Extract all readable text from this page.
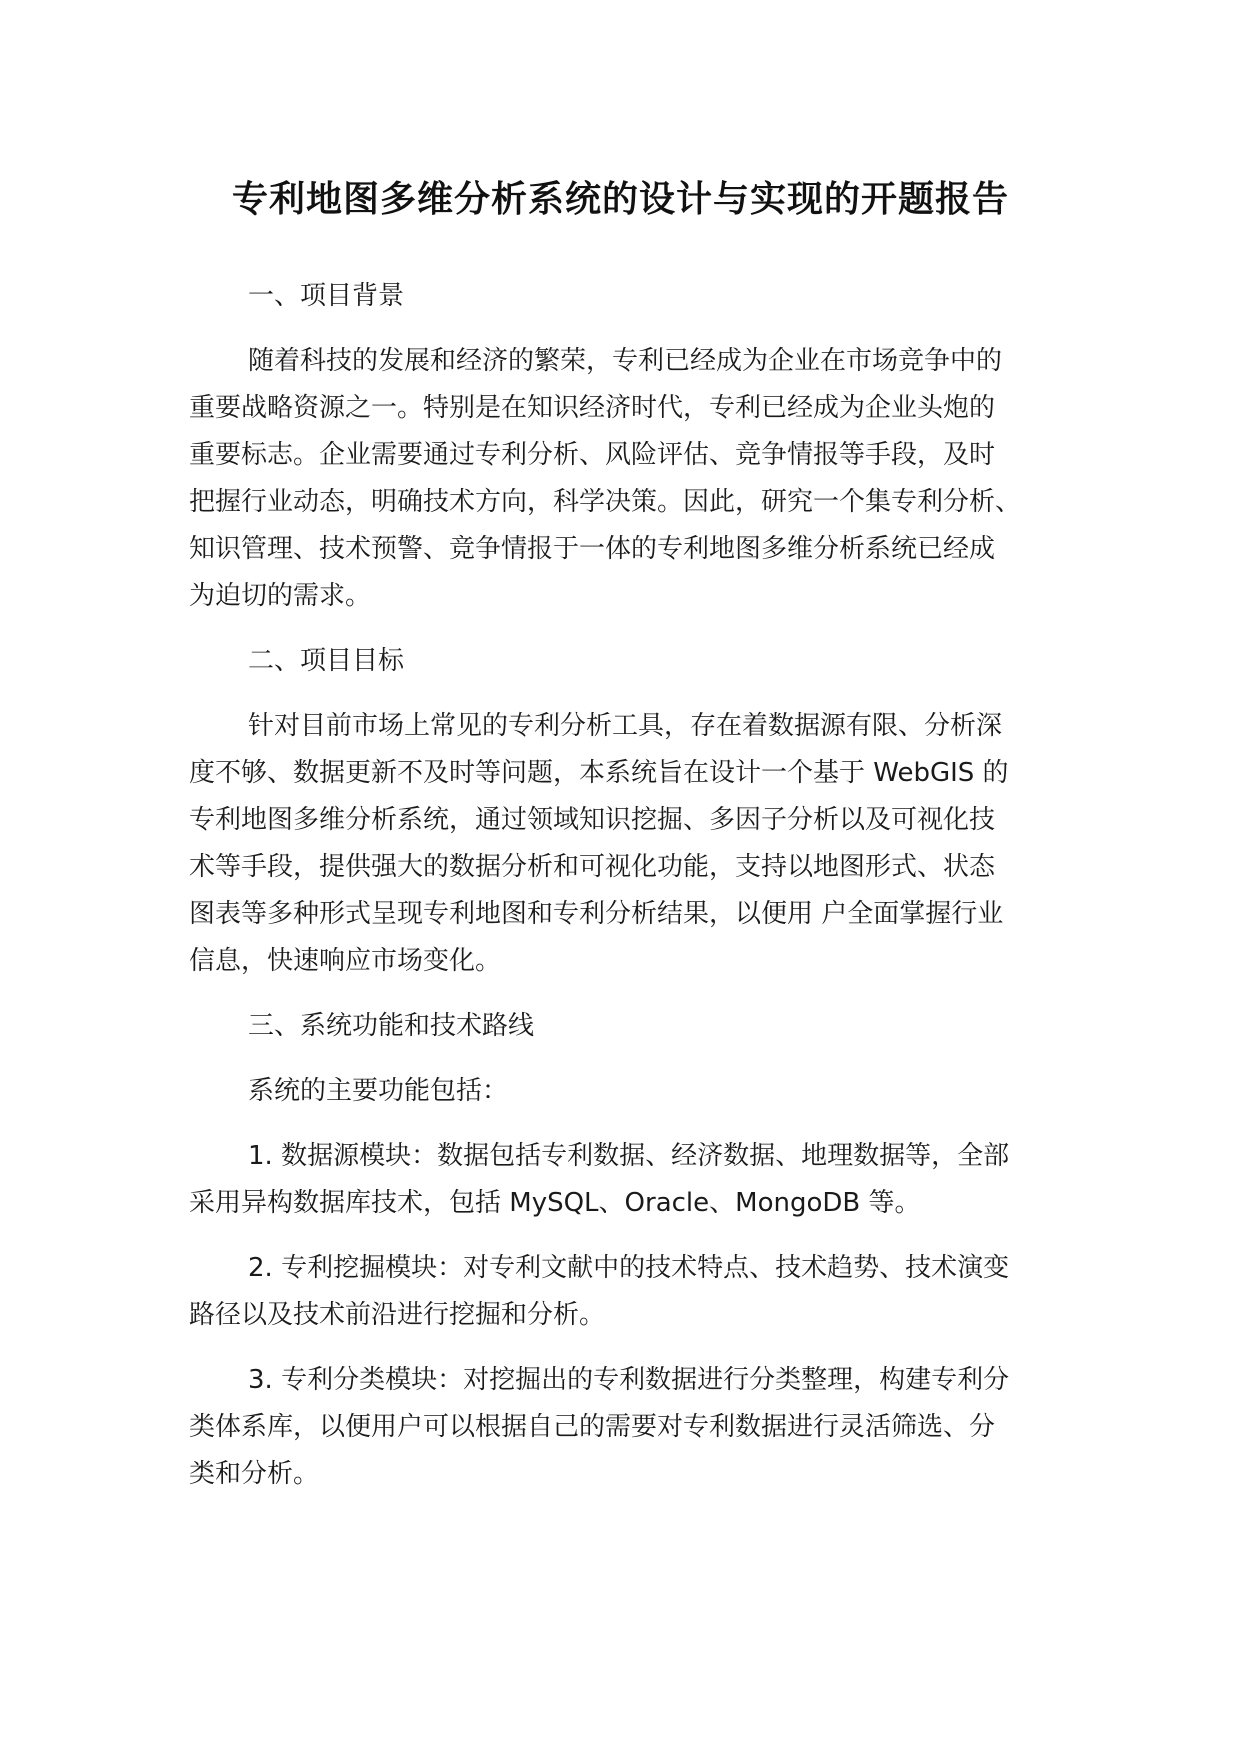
专利地图多维分析系统的设计与实现的开题报告
一、项目背景
随着科技的发展和经济的繁荣，专利已经成为企业在市场竞争中的
重要战略资源之一。特别是在知识经济时代，专利已经成为企业头炮的
重要标志。企业需要通过专利分析、风险评估、竞争情报等手段，及时
把握行业动态，明确技术方向，科学决策。因此，研究一个集专利分析、
知识管理、技术预警、竞争情报于一体的专利地图多维分析系统已经成
为迫切的需求。
二、项目目标
针对目前市场上常见的专利分析工具，存在着数据源有限、分析深
度不够、数据更新不及时等问题，本系统旨在设计一个基于 WebGIS 的
专利地图多维分析系统，通过领域知识挖掘、多因子分析以及可视化技
术等手段，提供强大的数据分析和可视化功能，支持以地图形式、状态
图表等多种形式呈现专利地图和专利分析结果，以便用 户全面掌握行业
信息，快速响应市场变化。
三、系统功能和技术路线
系统的主要功能包括：
1. 数据源模块：数据包括专利数据、经济数据、地理数据等，全部
采用异构数据库技术，包括 MySQL、Oracle、MongoDB 等。
2. 专利挖掘模块：对专利文献中的技术特点、技术趋势、技术演变
路径以及技术前沿进行挖掘和分析。
3. 专利分类模块：对挖掘出的专利数据进行分类整理，构建专利分
类体系库，以便用户可以根据自己的需要对专利数据进行灵活筛选、分
类和分析。
